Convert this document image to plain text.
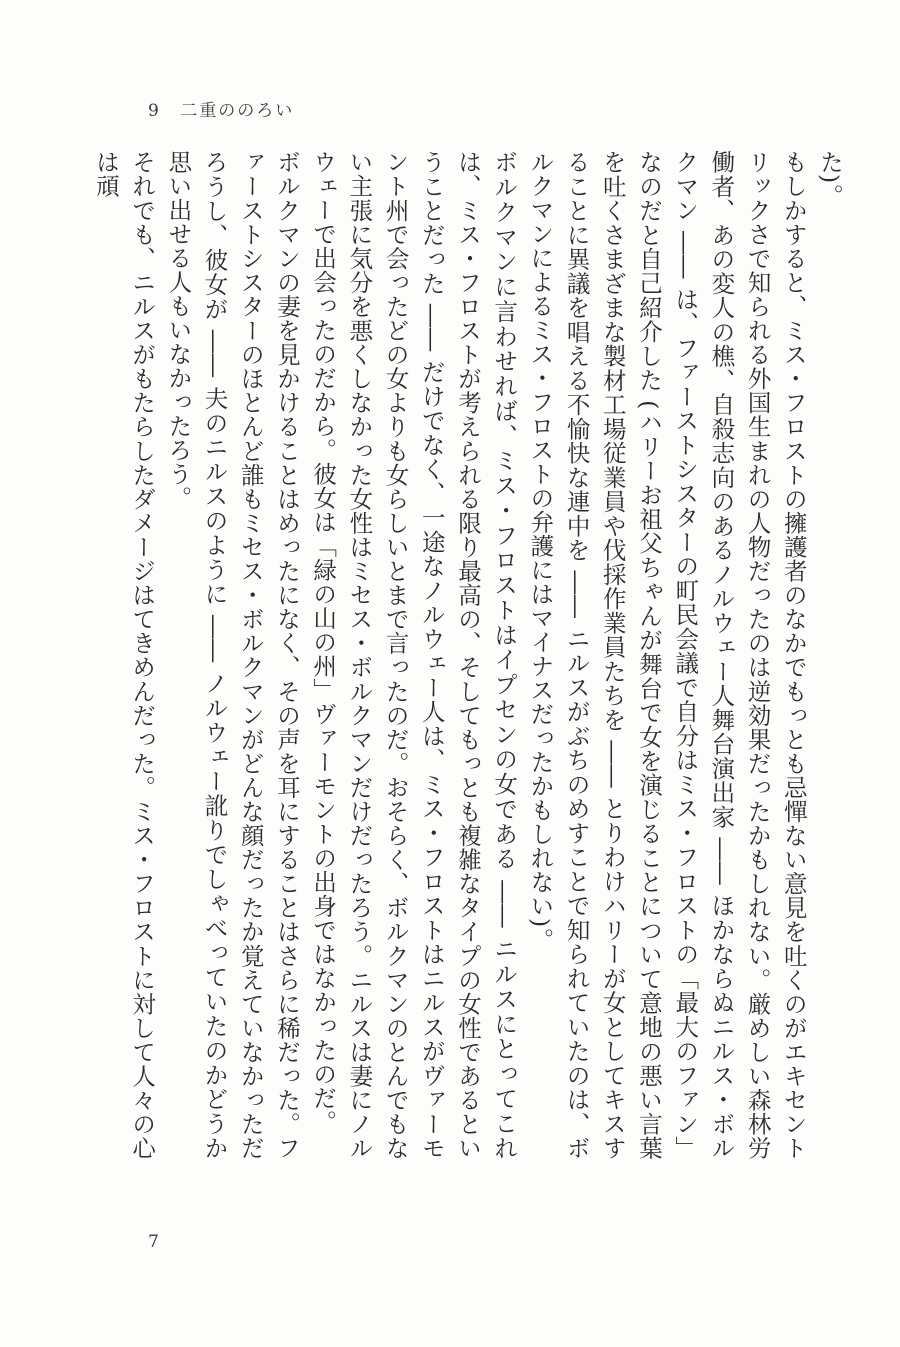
9 二重ののろい

た)。

もしかすると、ミス・フロストの擁護者のなかでもっとも忌憚ない意見を吐くのがエキセントリックさで知られる外国生まれの人物だったのは逆効果だったかもしれない。厳めしい森林労働者、あの変人の樵、自殺志向のあるノルウェー人舞台演出家 ―― ほかならぬニルス・ボルクマン ―― は、ファーストシスターの町民会議で自分はミス・フロストの「最大のファン」なのだと自己紹介した (ハリーお祖父ちゃんが舞台で女を演じることについて意地の悪い言葉を吐くさまざまな製材工場従業員や伐採作業員たちを ―― とりわけハリーが女としてキスすることに異議を唱える不愉快な連中を ―― ニルスがぶちのめすことで知られていたのは、ボルクマンによるミス・フロストの弁護にはマイナスだったかもしれない)。

ボルクマンに言わせれば、ミス・フロストはイプセンの女である ―― ニルスにとってこれは、ミス・フロストが考えられる限り最高の、そしてもっとも複雑なタイプの女性であるということだった ―― だけでなく、一途なノルウェー人は、ミス・フロストはニルスがヴァーモント州で会ったどの女よりも女らしいとまで言ったのだ。おそらく、ボルクマンのとんでもない主張に気分を悪くしなかった女性はミセス・ボルクマンだけだったろう。ニルスは妻にノルウェーで出会ったのだから。彼女は「緑の山の州」ヴァーモントの出身ではなかったのだ。

ボルクマンの妻を見かけることはめったになく、その声を耳にすることはさらに稀だった。ファーストシスターのほとんど誰もミセス・ボルクマンがどんな顔だったか覚えていなかっただろうし、彼女が ―― 夫のニルスのように ―― ノルウェー訛りでしゃべっていたのかどうか思い出せる人もいなかったろう。

それでも、ニルスがもたらしたダメージはてきめんだった。ミス・フロストに対して人々の心は頑

7
